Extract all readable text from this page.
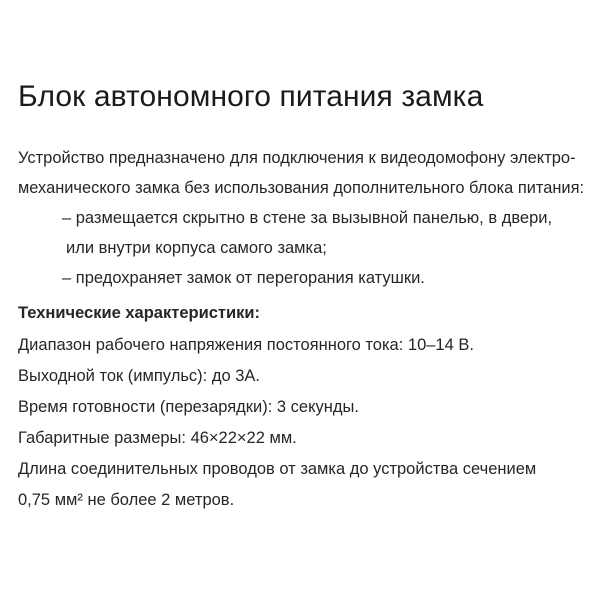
Блок автономного питания замка

Устройство предназначено для подключения к видеодомофону электро-

механического замка без использования дополнительного блока питания:

– размещается скрытно в стене за вызывной панелью, в двери,

или внутри корпуса самого замка;

– предохраняет замок от перегорания катушки.

Технические характеристики:

Диапазон рабочего напряжения постоянного тока: 10–14 В.

Выходной ток (импульс): до 3А.

Время готовности (перезарядки): 3 секунды.

Габаритные размеры: 46×22×22 мм.

Длина соединительных проводов от замка до устройства сечением

0,75 мм² не более 2 метров.
